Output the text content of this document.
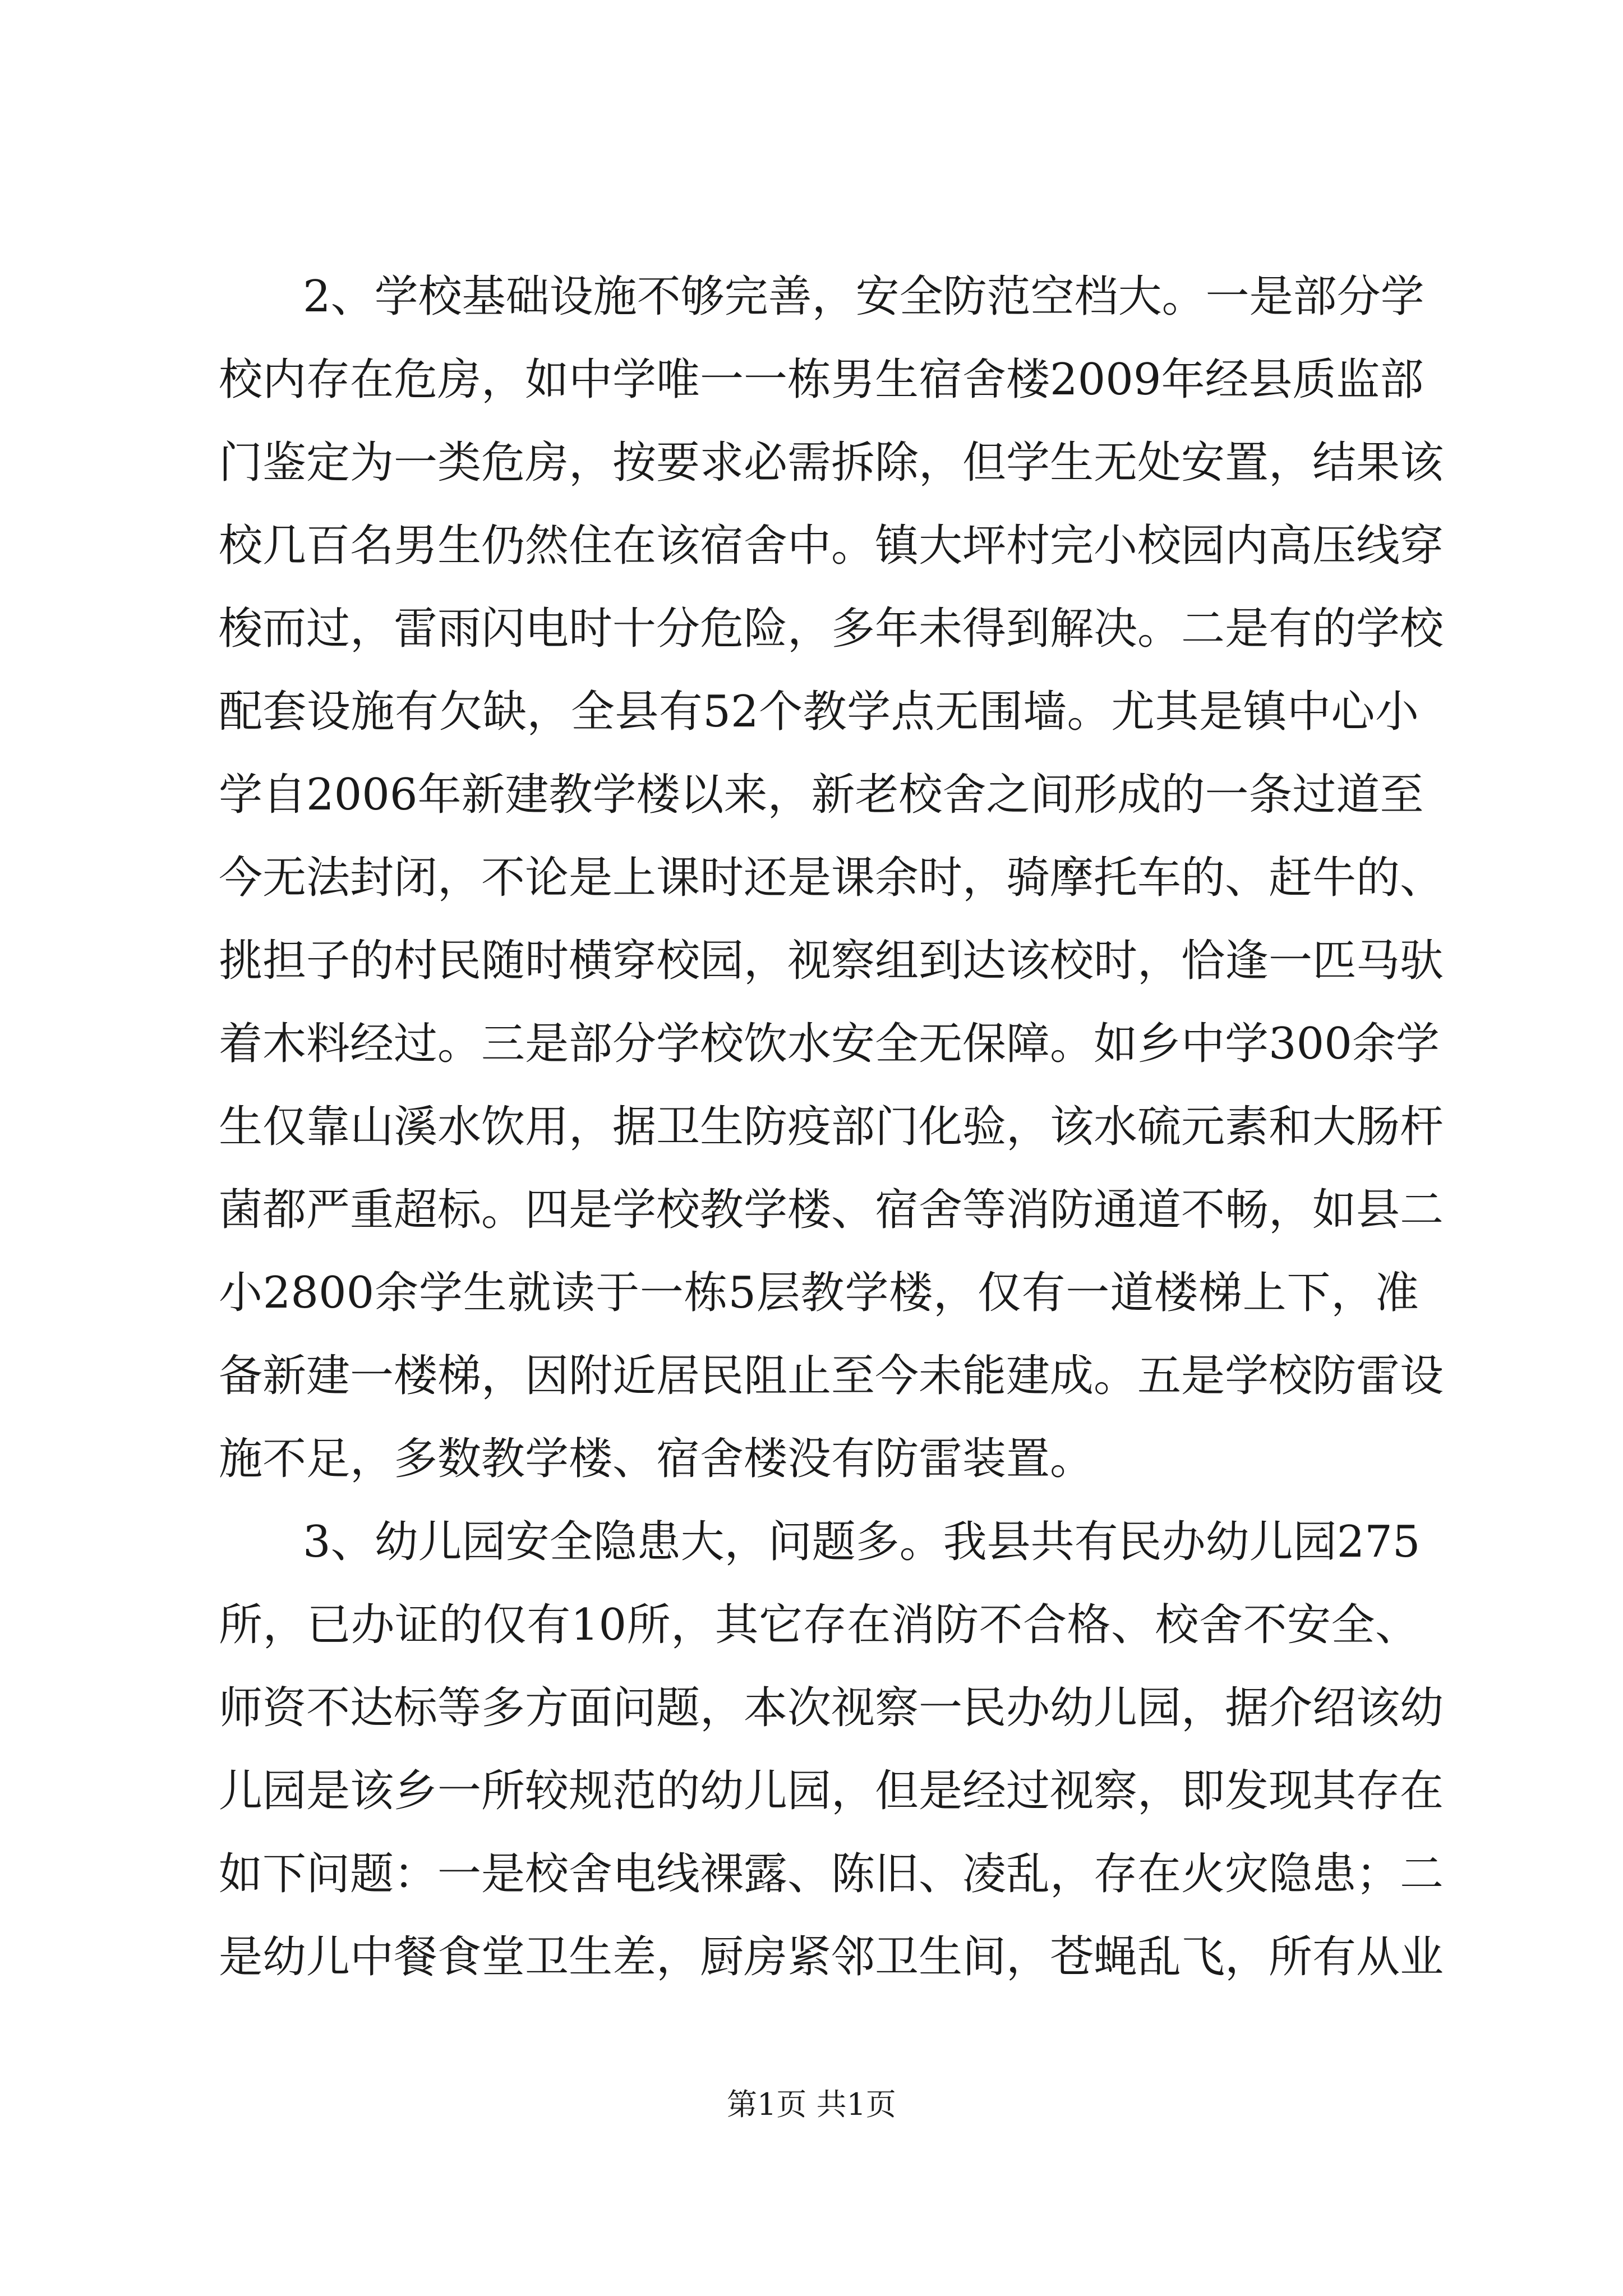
2、学校基础设施不够完善，安全防范空档大。一是部分学
校内存在危房，如中学唯一一栋男生宿舍楼2009年经县质监部
门鉴定为一类危房，按要求必需拆除，但学生无处安置，结果该
校几百名男生仍然住在该宿舍中。镇大坪村完小校园内高压线穿
梭而过，雷雨闪电时十分危险，多年未得到解决。二是有的学校
配套设施有欠缺，全县有52个教学点无围墙。尤其是镇中心小
学自2006年新建教学楼以来，新老校舍之间形成的一条过道至
今无法封闭，不论是上课时还是课余时，骑摩托车的、赶牛的、
挑担子的村民随时横穿校园，视察组到达该校时，恰逢一匹马驮
着木料经过。三是部分学校饮水安全无保障。如乡中学300余学
生仅靠山溪水饮用，据卫生防疫部门化验，该水硫元素和大肠杆
菌都严重超标。四是学校教学楼、宿舍等消防通道不畅，如县二
小2800余学生就读于一栋5层教学楼，仅有一道楼梯上下，准
备新建一楼梯，因附近居民阻止至今未能建成。五是学校防雷设
施不足，多数教学楼、宿舍楼没有防雷装置。
3、幼儿园安全隐患大，问题多。我县共有民办幼儿园275
所，已办证的仅有10所，其它存在消防不合格、校舍不安全、
师资不达标等多方面问题，本次视察一民办幼儿园，据介绍该幼
儿园是该乡一所较规范的幼儿园，但是经过视察，即发现其存在
如下问题：一是校舍电线裸露、陈旧、凌乱，存在火灾隐患；二
是幼儿中餐食堂卫生差，厨房紧邻卫生间，苍蝇乱飞，所有从业
第1页 共1页
